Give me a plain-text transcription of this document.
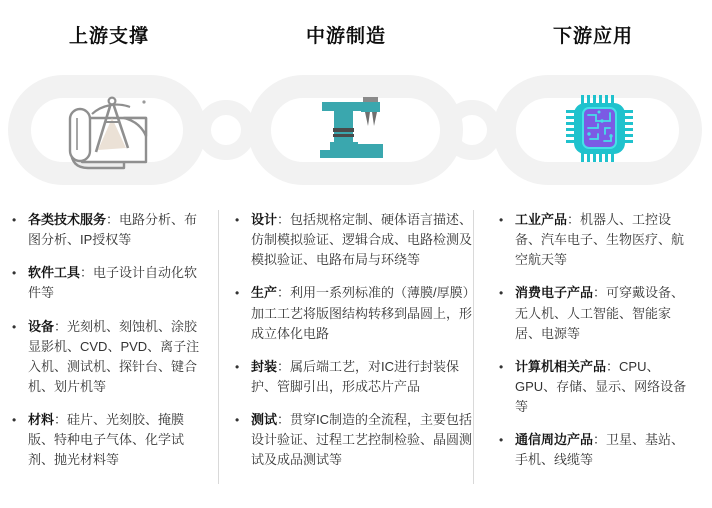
上游支撑	中游制造	下游应用
• 各类技术服务：电路分析、布图分析、IP授权等

• 软件工具：电子设计自动化软件等

• 设备：光刻机、刻蚀机、涂胶显影机、CVD、PVD、离子注入机、测试机、探针台、键合机、划片机等

• 材料：硅片、光刻胶、掩膜版、特种电子气体、化学试剂、抛光材料等

• 设计：包括规格定制、硬体语言描述、仿制模拟验证、逻辑合成、电路检测及模拟验证、电路布局与环绕等

• 生产：利用一系列标准的（薄膜/厚膜）加工工艺将版图结构转移到晶圆上，形成立体化电路

• 封装：属后端工艺，对IC进行封装保护、管脚引出，形成芯片产品

• 测试：贯穿IC制造的全流程，主要包括设计验证、过程工艺控制检验、晶圆测试及成品测试等

• 工业产品：机器人、工控设备、汽车电子、生物医疗、航空航天等

• 消费电子产品：可穿戴设备、无人机、人工智能、智能家居、电源等

• 计算机相关产品：CPU、GPU、存储、显示、网络设备等

• 通信周边产品：卫星、基站、手机、线缆等
